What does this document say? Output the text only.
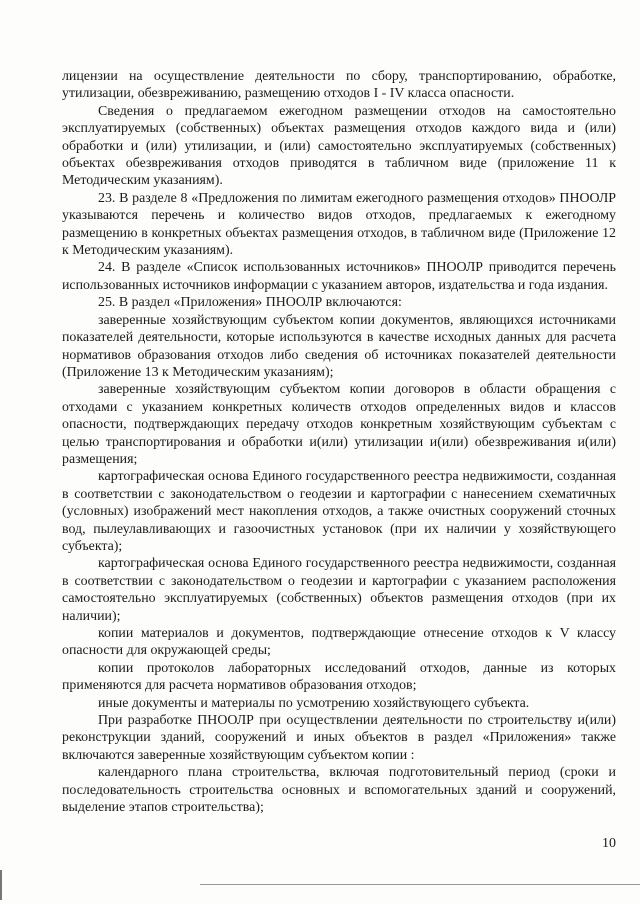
лицензии на осуществление деятельности по сбору, транспортированию, обработке, утилизации, обезвреживанию, размещению отходов I - IV класса опасности.

Сведения о предлагаемом ежегодном размещении отходов на самостоятельно эксплуатируемых (собственных) объектах размещения отходов каждого вида и (или) обработки и (или) утилизации, и (или) самостоятельно эксплуатируемых (собственных) объектах обезвреживания отходов приводятся в табличном виде (приложение 11 к Методическим указаниям).

23. В разделе 8 «Предложения по лимитам ежегодного размещения отходов» ПНООЛР указываются перечень и количество видов отходов, предлагаемых к ежегодному размещению в конкретных объектах размещения отходов, в табличном виде (Приложение 12 к Методическим указаниям).

24. В разделе «Список использованных источников» ПНООЛР приводится перечень использованных источников информации с указанием авторов, издательства и года издания.

25. В раздел «Приложения» ПНООЛР включаются:

заверенные хозяйствующим субъектом копии документов, являющихся источниками показателей деятельности, которые используются в качестве исходных данных для расчета нормативов образования отходов либо сведения об источниках показателей деятельности (Приложение 13 к Методическим указаниям);

заверенные хозяйствующим субъектом копии договоров в области обращения с отходами с указанием конкретных количеств отходов определенных видов и классов опасности, подтверждающих передачу отходов конкретным хозяйствующим субъектам с целью транспортирования и обработки и(или) утилизации и(или) обезвреживания и(или) размещения;

картографическая основа Единого государственного реестра недвижимости, созданная в соответствии с законодательством о геодезии и картографии с нанесением схематичных (условных) изображений мест накопления отходов, а также очистных сооружений сточных вод, пылеулавливающих и газоочистных установок (при их наличии у хозяйствующего субъекта);

картографическая основа Единого государственного реестра недвижимости, созданная в соответствии с законодательством о геодезии и картографии с указанием расположения самостоятельно эксплуатируемых (собственных) объектов размещения отходов (при их наличии);

копии материалов и документов, подтверждающие отнесение отходов к V классу опасности для окружающей среды;

копии протоколов лабораторных исследований отходов, данные из которых применяются для расчета нормативов образования отходов;

иные документы и материалы по усмотрению хозяйствующего субъекта.

При разработке ПНООЛР при осуществлении деятельности по строительству и(или) реконструкции зданий, сооружений и иных объектов в раздел «Приложения» также включаются заверенные хозяйствующим субъектом копии :

календарного плана строительства, включая подготовительный период (сроки и последовательность строительства основных и вспомогательных зданий и сооружений, выделение этапов строительства);

10
